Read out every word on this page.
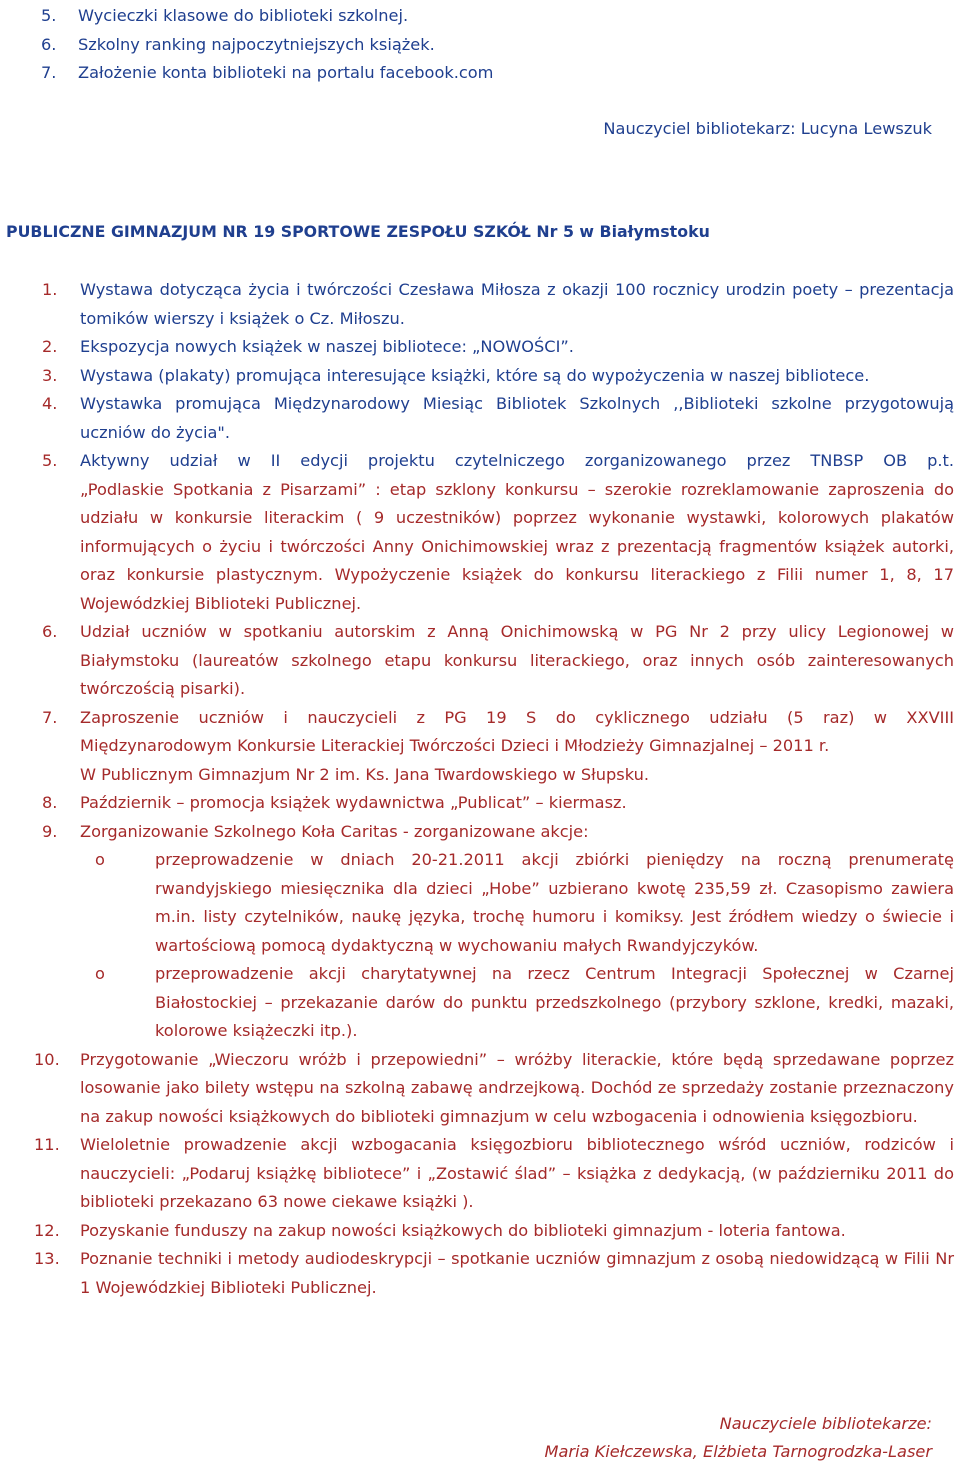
5. Wycieczki klasowe do biblioteki szkolnej.
6. Szkolny ranking najpoczytniejszych książek.
7. Założenie konta biblioteki na portalu facebook.com
Nauczyciel bibliotekarz: Lucyna Lewszuk
PUBLICZNE GIMNAZJUM NR 19 SPORTOWE ZESPOŁU SZKÓŁ Nr 5 w Białymstoku
1. Wystawa dotycząca życia i twórczości Czesława Miłosza z okazji 100 rocznicy urodzin poety – prezentacja tomików wierszy i książek o Cz. Miłoszu.
2. Ekspozycja nowych książek w naszej bibliotece: „NOWOŚCI”.
3. Wystawa (plakaty) promująca interesujące książki, które są do wypożyczenia w naszej bibliotece.
4. Wystawka promująca Międzynarodowy Miesiąc Bibliotek Szkolnych ,,Biblioteki szkolne przygotowują uczniów do życia".
5. Aktywny udział w II edycji projektu czytelniczego zorganizowanego przez TNBSP OB p.t.
„Podlaskie Spotkania z Pisarzami” : etap szklony konkursu – szerokie rozreklamowanie zaproszenia do udziału w konkursie literackim ( 9 uczestników) poprzez wykonanie wystawki, kolorowych plakatów informujących o życiu i twórczości Anny Onichimowskiej wraz z prezentacją fragmentów książek autorki, oraz konkursie plastycznym. Wypożyczenie książek do konkursu literackiego z Filii numer 1, 8, 17 Wojewódzkiej Biblioteki Publicznej.
6. Udział uczniów w spotkaniu autorskim z Anną Onichimowską w PG Nr 2 przy ulicy Legionowej w Białymstoku (laureatów szkolnego etapu konkursu literackiego, oraz innych osób zainteresowanych twórczością pisarki).
7. Zaproszenie uczniów i nauczycieli z PG 19 S do cyklicznego udziału (5 raz) w XXVIII
Międzynarodowym Konkursie Literackiej Twórczości Dzieci i Młodzieży Gimnazjalnej – 2011 r.
W Publicznym Gimnazjum Nr 2 im. Ks. Jana Twardowskiego w Słupsku.
8. Październik – promocja książek wydawnictwa „Publicat” – kiermasz.
9. Zorganizowanie Szkolnego Koła Caritas - zorganizowane akcje:
o	przeprowadzenie w dniach 20-21.2011 akcji zbiórki pieniędzy na roczną prenumeratę rwandyjskiego miesięcznika dla dzieci „Hobe” uzbierano kwotę 235,59 zł. Czasopismo zawiera m.in. listy czytelników, naukę języka, trochę humoru i komiksy. Jest źródłem wiedzy o świecie i wartościową pomocą dydaktyczną w wychowaniu małych Rwandyjczyków.
o	przeprowadzenie akcji charytatywnej na rzecz Centrum Integracji Społecznej w Czarnej Białostockiej – przekazanie darów do punktu przedszkolnego (przybory szklone, kredki, mazaki, kolorowe książeczki itp.).
10. Przygotowanie „Wieczoru wróżb i przepowiedni” – wróżby literackie, które będą sprzedawane poprzez losowanie jako bilety wstępu na szkolną zabawę andrzejkową. Dochód ze sprzedaży zostanie przeznaczony na zakup nowości książkowych do biblioteki gimnazjum w celu wzbogacenia i odnowienia księgozbioru.
11. Wieloletnie prowadzenie akcji wzbogacania księgozbioru bibliotecznego wśród uczniów, rodziców i nauczycieli: „Podaruj książkę bibliotece” i „Zostawić ślad” – książka z dedykacją, (w październiku 2011 do biblioteki przekazano 63 nowe ciekawe książki ).
12. Pozyskanie funduszy na zakup nowości książkowych do biblioteki gimnazjum - loteria fantowa.
13. Poznanie techniki i metody audiodeskrypcji – spotkanie uczniów gimnazjum z osobą niedowidzącą w Filii Nr 1 Wojewódzkiej Biblioteki Publicznej.
Nauczyciele bibliotekarze:
Maria Kiełczewska, Elżbieta Tarnogrodzka-Laser
